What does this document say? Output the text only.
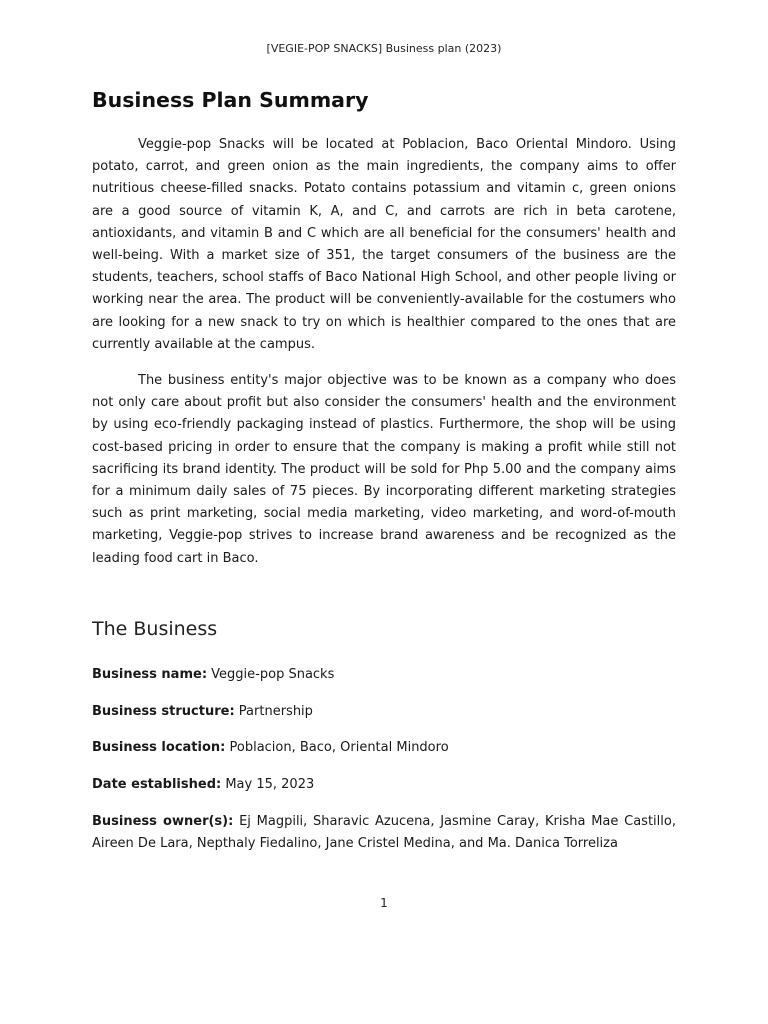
[VEGIE-POP SNACKS] Business plan (2023)
Business Plan Summary

Veggie-pop Snacks will be located at Poblacion, Baco Oriental Mindoro. Using potato, carrot, and green onion as the main ingredients, the company aims to offer nutritious cheese-filled snacks. Potato contains potassium and vitamin c, green onions are a good source of vitamin K, A, and C, and carrots are rich in beta carotene, antioxidants, and vitamin B and C which are all beneficial for the consumers' health and well-being. With a market size of 351, the target consumers of the business are the students, teachers, school staffs of Baco National High School, and other people living or working near the area. The product will be conveniently-available for the costumers who are looking for a new snack to try on which is healthier compared to the ones that are currently available at the campus.

The business entity's major objective was to be known as a company who does not only care about profit but also consider the consumers' health and the environment by using eco-friendly packaging instead of plastics. Furthermore, the shop will be using cost-based pricing in order to ensure that the company is making a profit while still not sacrificing its brand identity. The product will be sold for Php 5.00 and the company aims for a minimum daily sales of 75 pieces. By incorporating different marketing strategies such as print marketing, social media marketing, video marketing, and word-of-mouth marketing, Veggie-pop strives to increase brand awareness and be recognized as the leading food cart in Baco.

The Business
Business name: Veggie-pop Snacks
Business structure: Partnership
Business location: Poblacion, Baco, Oriental Mindoro
Date established: May 15, 2023
Business owner(s): Ej Magpili, Sharavic Azucena, Jasmine Caray, Krisha Mae Castillo, Aireen De Lara, Nepthaly Fiedalino, Jane Cristel Medina, and Ma. Danica Torreliza
1
